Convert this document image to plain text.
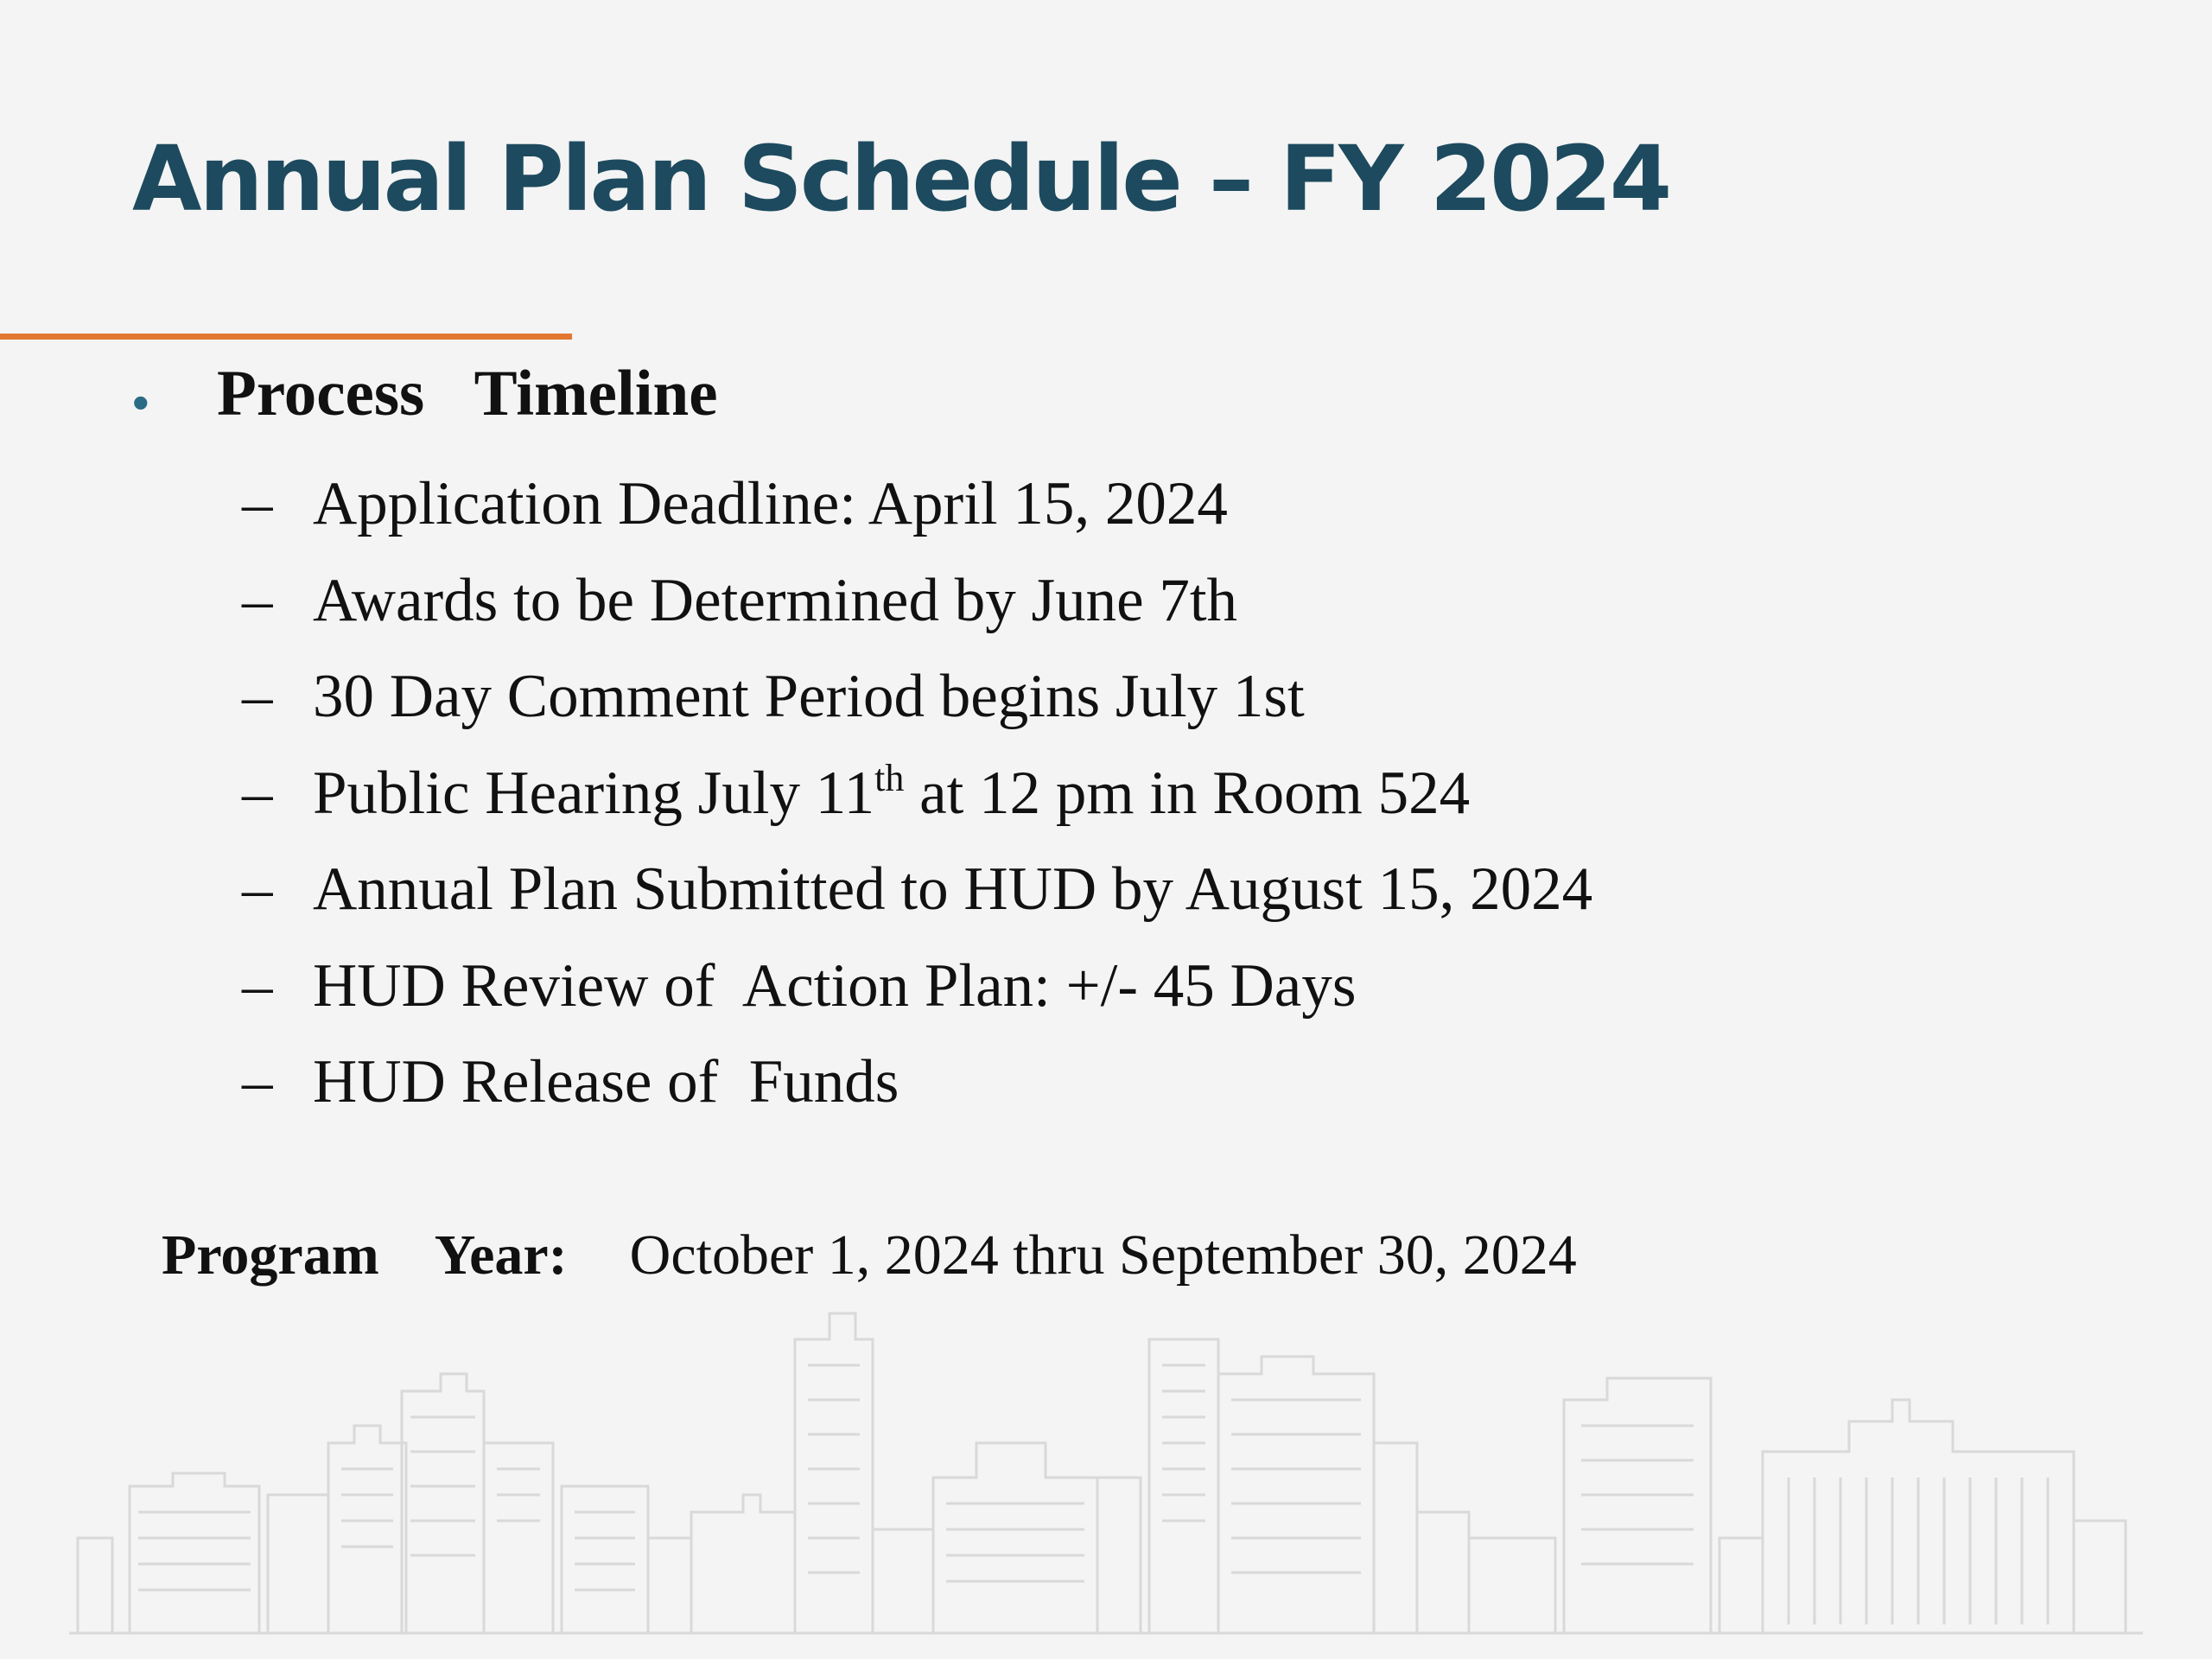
Annual Plan Schedule – FY 2024
• Process Timeline
– Application Deadline: April 15, 2024
– Awards to be Determined by June 7th
– 30 Day Comment Period begins July 1st
– Public Hearing July 11th at 12 pm in Room 524
– Annual Plan Submitted to HUD by August 15, 2024
– HUD Review of  Action Plan: +/- 45 Days
– HUD Release of  Funds
Program Year: October 1, 2024 thru September 30, 2024
